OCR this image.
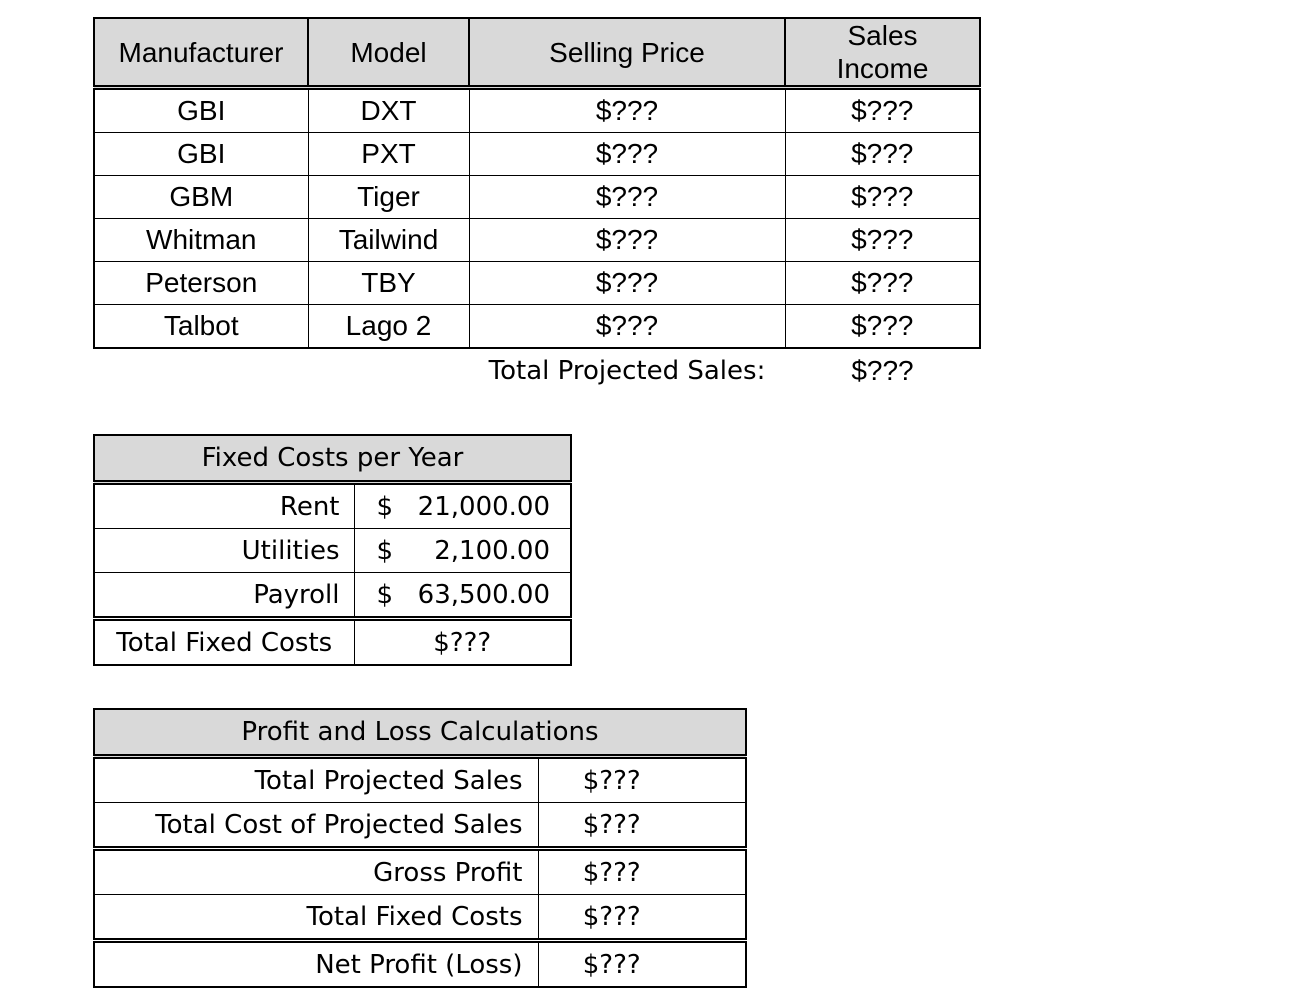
Manufacturer	Model	Selling Price	Sales
Income
GBI	DXT	$???	$???
GBI	PXT	$???	$???
GBM	Tiger	$???	$???
Whitman	Tailwind	$???	$???
Peterson	TBY	$???	$???
Talbot	Lago 2	$???	$???
		Total Projected Sales:	$???
Fixed Costs per Year	
Rent	$ 21,000.00

Utilities	$ 2,100.00

Payroll	$ 63,500.00

Total Fixed Costs	$???
Profit and Loss Calculations	
Total Projected Sales	$???
Total Cost of Projected Sales	$???
Gross Profit	$???
Total Fixed Costs	$???
Net Profit (Loss)	$???
